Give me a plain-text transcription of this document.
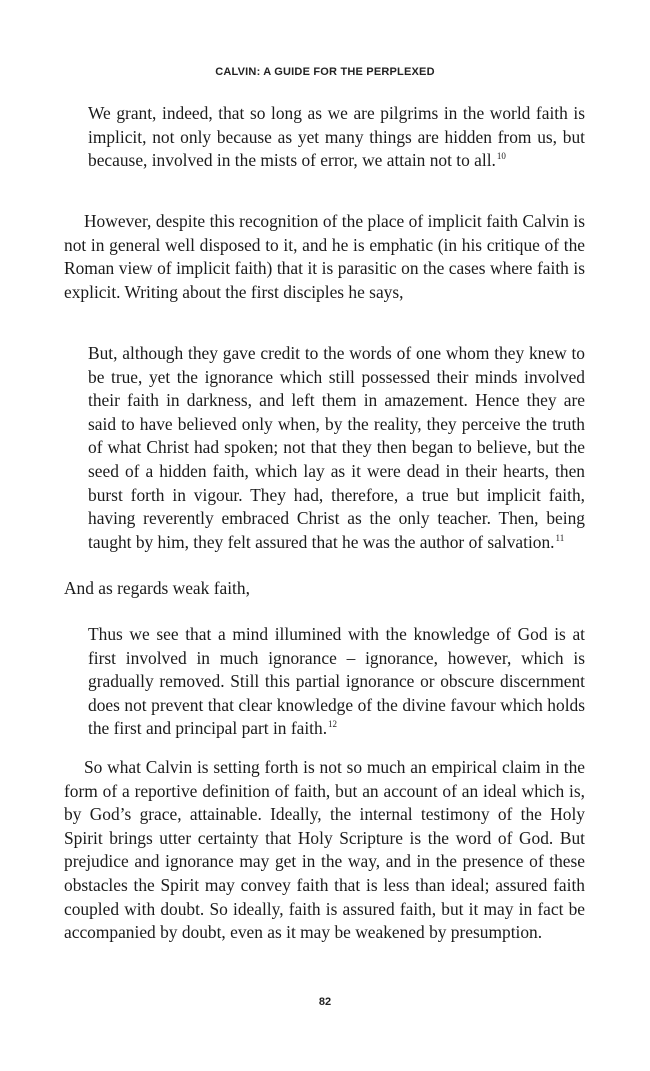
CALVIN: A GUIDE FOR THE PERPLEXED

We grant, indeed, that so long as we are pilgrims in the world faith is implicit, not only because as yet many things are hidden from us, but because, involved in the mists of error, we attain not to all.$^{10}$

However, despite this recognition of the place of implicit faith Calvin is not in general well disposed to it, and he is emphatic (in his critique of the Roman view of implicit faith) that it is parasitic on the cases where faith is explicit. Writing about the first disciples he says,

But, although they gave credit to the words of one whom they knew to be true, yet the ignorance which still possessed their minds involved their faith in darkness, and left them in amazement. Hence they are said to have believed only when, by the reality, they perceive the truth of what Christ had spoken; not that they then began to believe, but the seed of a hidden faith, which lay as it were dead in their hearts, then burst forth in vigour. They had, therefore, a true but implicit faith, having reverently embraced Christ as the only teacher. Then, being taught by him, they felt assured that he was the author of salvation.$^{11}$

And as regards weak faith,

Thus we see that a mind illumined with the knowledge of God is at first involved in much ignorance – ignorance, however, which is gradually removed. Still this partial ignorance or obscure discernment does not prevent that clear knowledge of the divine favour which holds the first and principal part in faith.$^{12}$

So what Calvin is setting forth is not so much an empirical claim in the form of a reportive definition of faith, but an account of an ideal which is, by God’s grace, attainable. Ideally, the internal testimony of the Holy Spirit brings utter certainty that Holy Scripture is the word of God. But prejudice and ignorance may get in the way, and in the presence of these obstacles the Spirit may convey faith that is less than ideal; assured faith coupled with doubt. So ideally, faith is assured faith, but it may in fact be accompanied by doubt, even as it may be weakened by presumption.

82
